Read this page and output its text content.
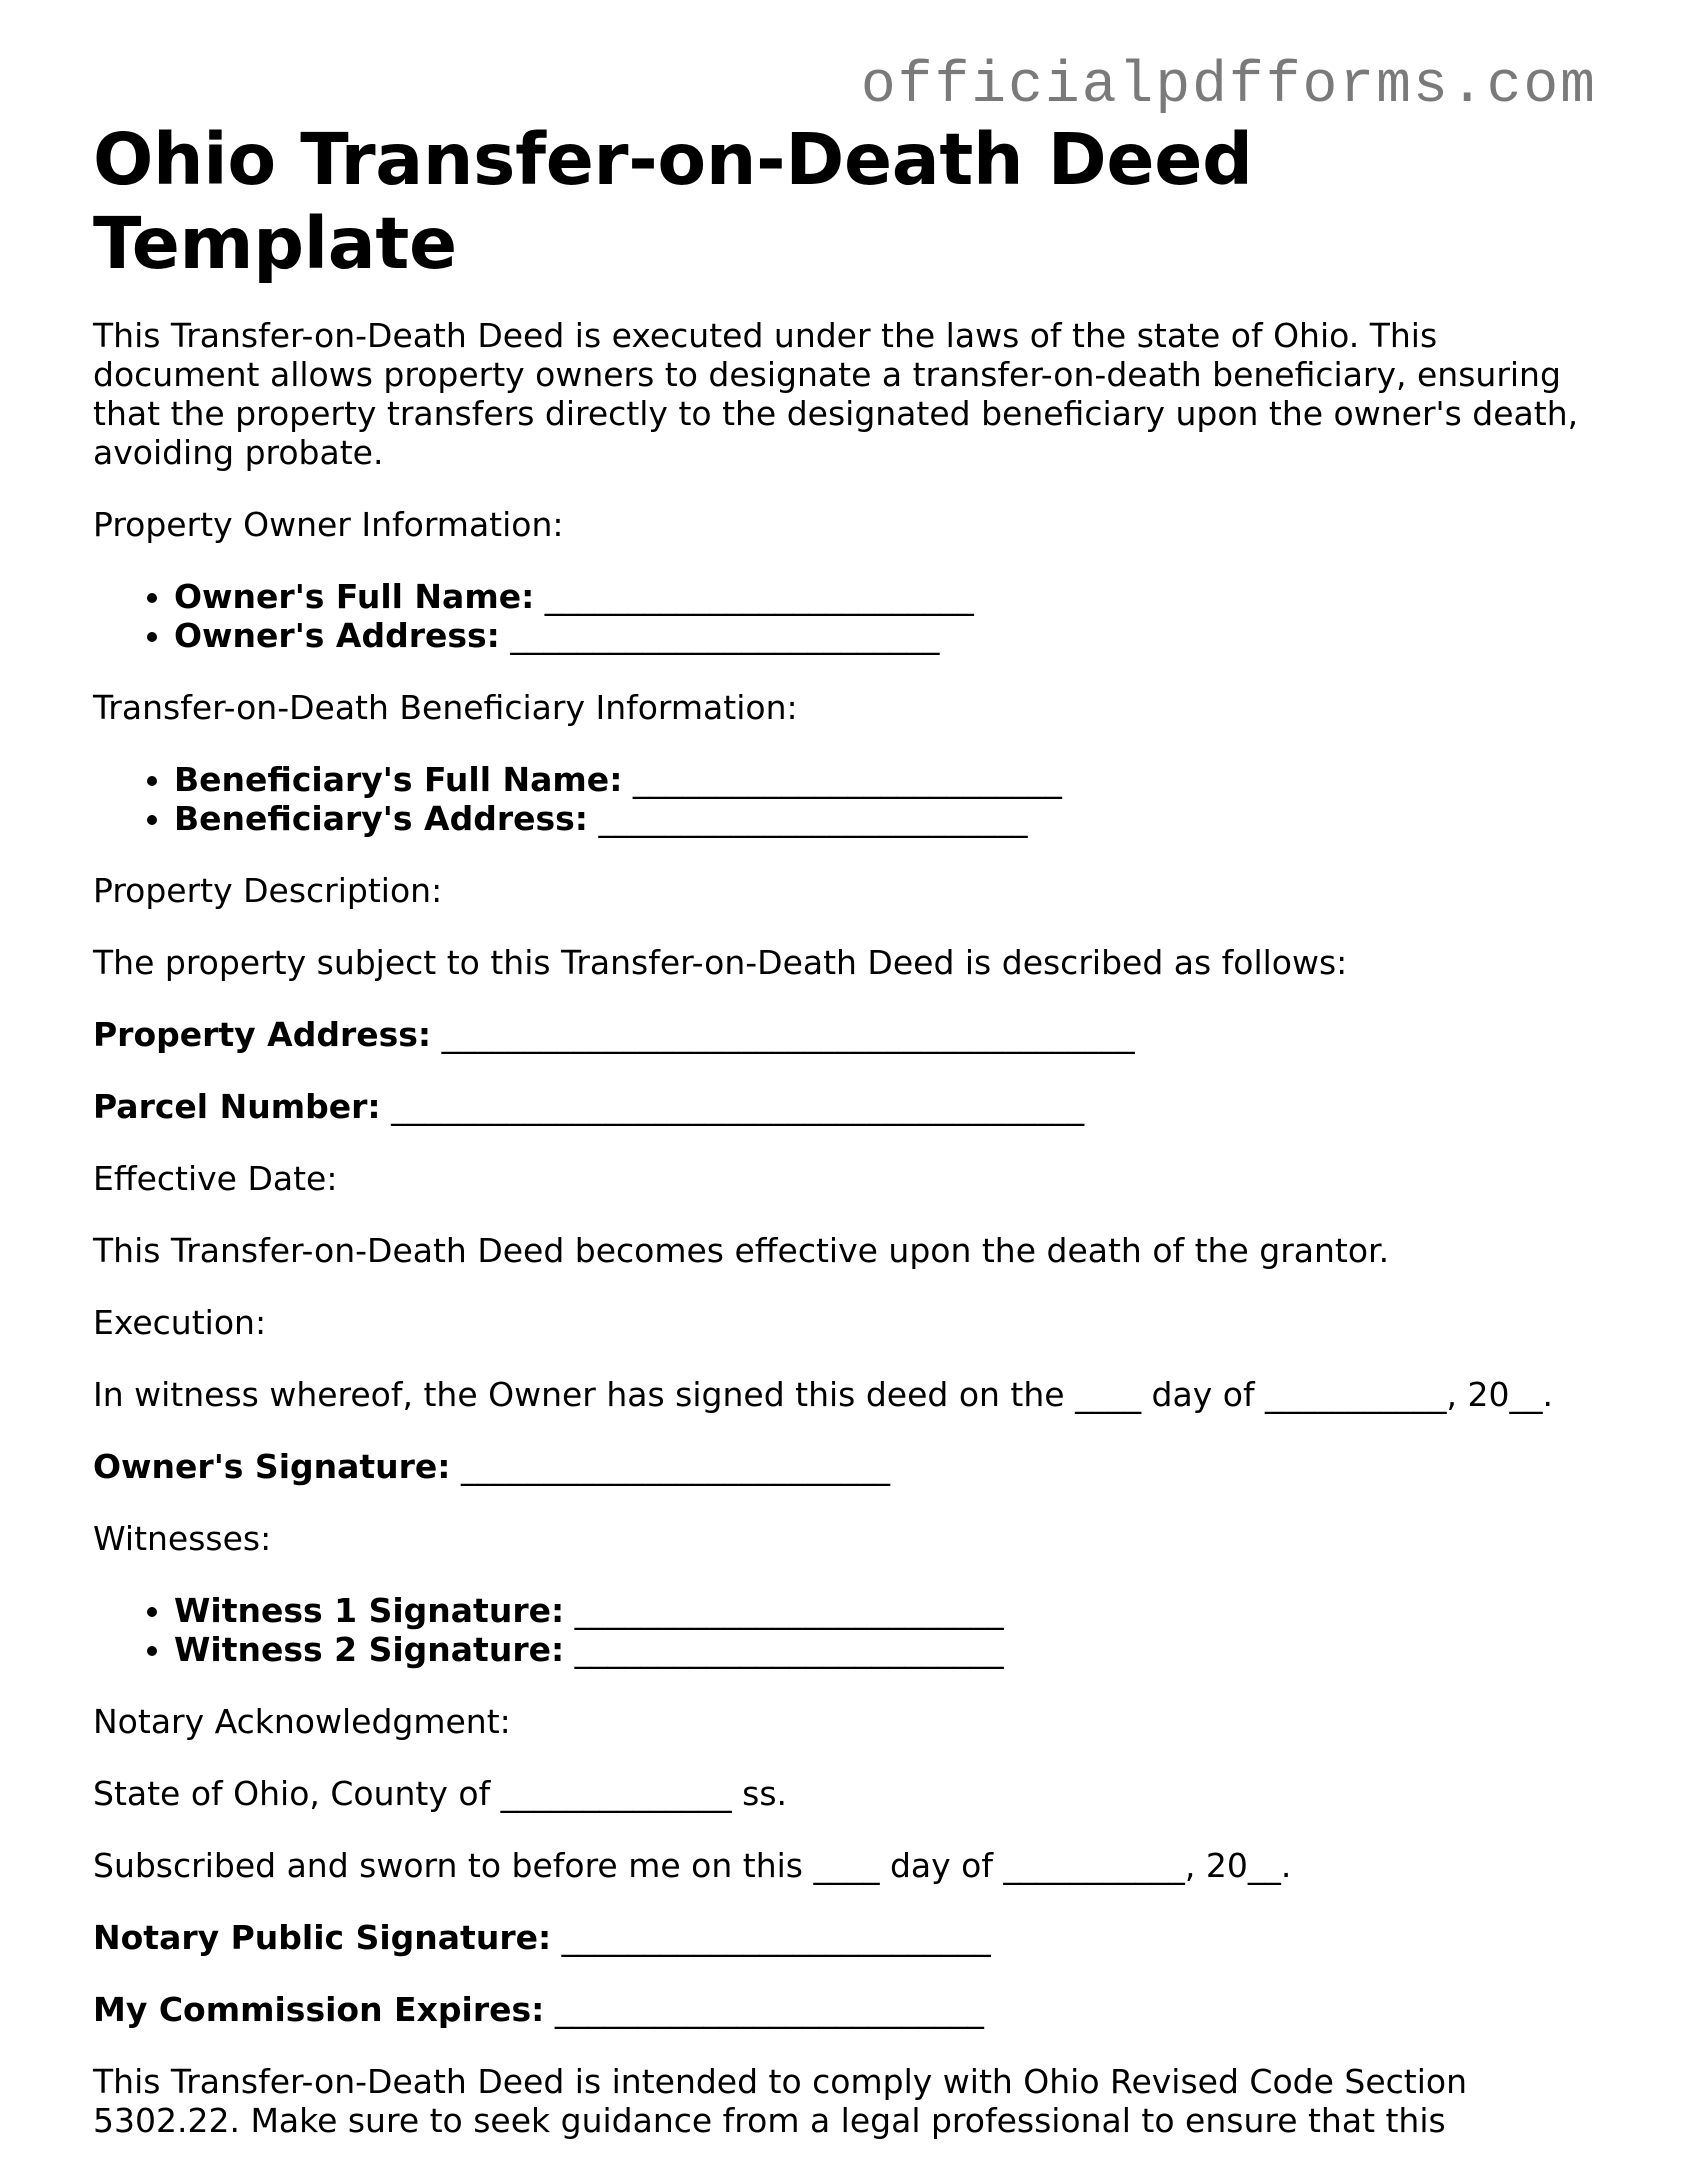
officialpdfforms.com
Ohio Transfer-on-Death Deed Template

This Transfer-on-Death Deed is executed under the laws of the state of Ohio. This document allows property owners to designate a transfer-on-death beneficiary, ensuring that the property transfers directly to the designated beneficiary upon the owner's death, avoiding probate.

Property Owner Information:

• Owner's Full Name: __________________________
• Owner's Address: __________________________

Transfer-on-Death Beneficiary Information:

• Beneficiary's Full Name: __________________________
• Beneficiary's Address: __________________________

Property Description:

The property subject to this Transfer-on-Death Deed is described as follows:

Property Address: __________________________________________

Parcel Number: __________________________________________

Effective Date:

This Transfer-on-Death Deed becomes effective upon the death of the grantor.

Execution:

In witness whereof, the Owner has signed this deed on the ____ day of ___________, 20__.

Owner's Signature: __________________________

Witnesses:

• Witness 1 Signature: __________________________
• Witness 2 Signature: __________________________

Notary Acknowledgment:

State of Ohio, County of ______________ ss.

Subscribed and sworn to before me on this ____ day of ___________, 20__.

Notary Public Signature: __________________________

My Commission Expires: __________________________

This Transfer-on-Death Deed is intended to comply with Ohio Revised Code Section 5302.22. Make sure to seek guidance from a legal professional to ensure that this
